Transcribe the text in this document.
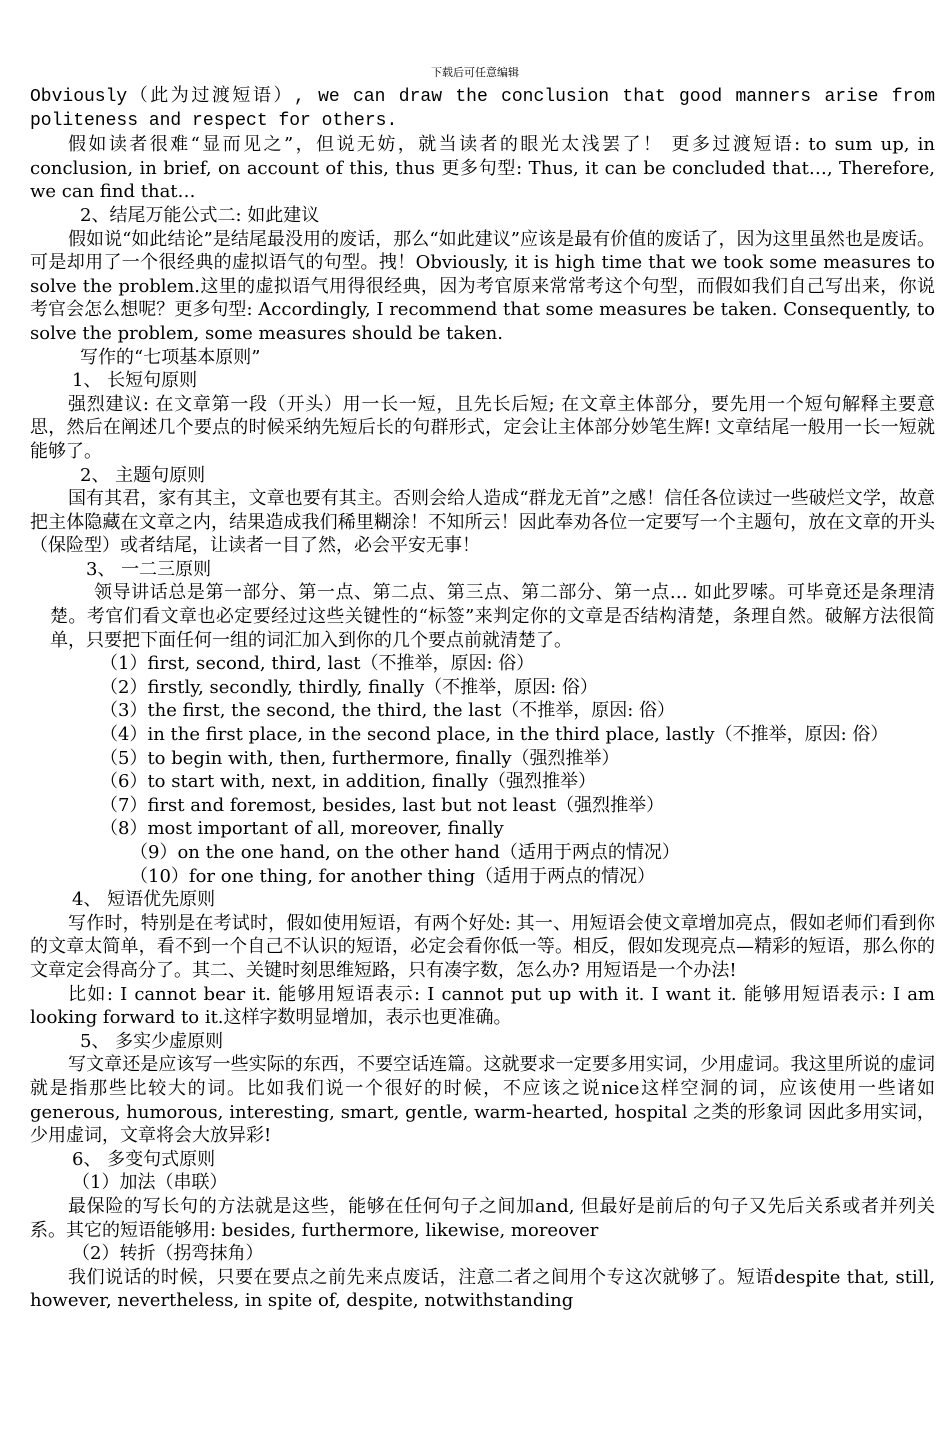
下载后可任意编辑

Obviously（此为过渡短语）, we can draw the conclusion that good manners arise from politeness and respect for others.

假如读者很难“显而见之”，但说无妨，就当读者的眼光太浅罢了！ 更多过渡短语: to sum up, in conclusion, in brief, on account of this, thus 更多句型: Thus, it can be concluded that…, Therefore, we can find that…

2、结尾万能公式二: 如此建议

假如说“如此结论”是结尾最没用的废话，那么“如此建议”应该是最有价值的废话了，因为这里虽然也是废话。可是却用了一个很经典的虚拟语气的句型。拽！Obviously, it is high time that we took some measures to solve the problem.这里的虚拟语气用得很经典，因为考官原来常常考这个句型，而假如我们自己写出来，你说考官会怎么想呢？更多句型: Accordingly, I recommend that some measures be taken. Consequently, to solve the problem, some measures should be taken.

写作的“七项基本原则”

1、 长短句原则

强烈建议: 在文章第一段（开头）用一长一短，且先长后短; 在文章主体部分，要先用一个短句解释主要意思，然后在阐述几个要点的时候采纳先短后长的句群形式，定会让主体部分妙笔生辉! 文章结尾一般用一长一短就能够了。

2、 主题句原则

国有其君，家有其主，文章也要有其主。否则会给人造成“群龙无首”之感！信任各位读过一些破烂文学，故意把主体隐藏在文章之内，结果造成我们稀里糊涂！不知所云！因此奉劝各位一定要写一个主题句，放在文章的开头（保险型）或者结尾，让读者一目了然，必会平安无事！

3、 一二三原则

领导讲话总是第一部分、第一点、第二点、第三点、第二部分、第一点… 如此罗嗦。可毕竟还是条理清楚。考官们看文章也必定要经过这些关键性的“标签”来判定你的文章是否结构清楚，条理自然。破解方法很简单，只要把下面任何一组的词汇加入到你的几个要点前就清楚了。

（1）first, second, third, last（不推举，原因: 俗）

（2）firstly, secondly, thirdly, finally（不推举，原因: 俗）

（3）the first, the second, the third, the last（不推举，原因: 俗）

（4）in the first place, in the second place, in the third place, lastly（不推举，原因: 俗）

（5）to begin with, then, furthermore, finally（强烈推举）

（6）to start with, next, in addition, finally（强烈推举）

（7）first and foremost, besides, last but not least（强烈推举）

（8）most important of all, moreover, finally

（9）on the one hand, on the other hand（适用于两点的情况）

（10）for one thing, for another thing（适用于两点的情况）

4、 短语优先原则

写作时，特别是在考试时，假如使用短语，有两个好处: 其一、用短语会使文章增加亮点，假如老师们看到你的文章太简单，看不到一个自己不认识的短语，必定会看你低一等。相反，假如发现亮点—精彩的短语，那么你的文章定会得高分了。其二、关键时刻思维短路，只有凑字数，怎么办? 用短语是一个办法!

比如: I cannot bear it. 能够用短语表示: I cannot put up with it. I want it. 能够用短语表示: I am looking forward to it.这样字数明显增加，表示也更准确。

5、 多实少虚原则

写文章还是应该写一些实际的东西，不要空话连篇。这就要求一定要多用实词，少用虚词。我这里所说的虚词就是指那些比较大的词。比如我们说一个很好的时候，不应该之说nice这样空洞的词，应该使用一些诸如generous, humorous, interesting, smart, gentle, warm-hearted, hospital 之类的形象词 因此多用实词，少用虚词，文章将会大放异彩!

6、 多变句式原则

（1）加法（串联）

最保险的写长句的方法就是这些，能够在任何句子之间加and, 但最好是前后的句子又先后关系或者并列关系。其它的短语能够用: besides, furthermore, likewise, moreover

（2）转折（拐弯抹角）

我们说话的时候，只要在要点之前先来点废话，注意二者之间用个专这次就够了。短语despite that, still, however, nevertheless, in spite of, despite, notwithstanding
